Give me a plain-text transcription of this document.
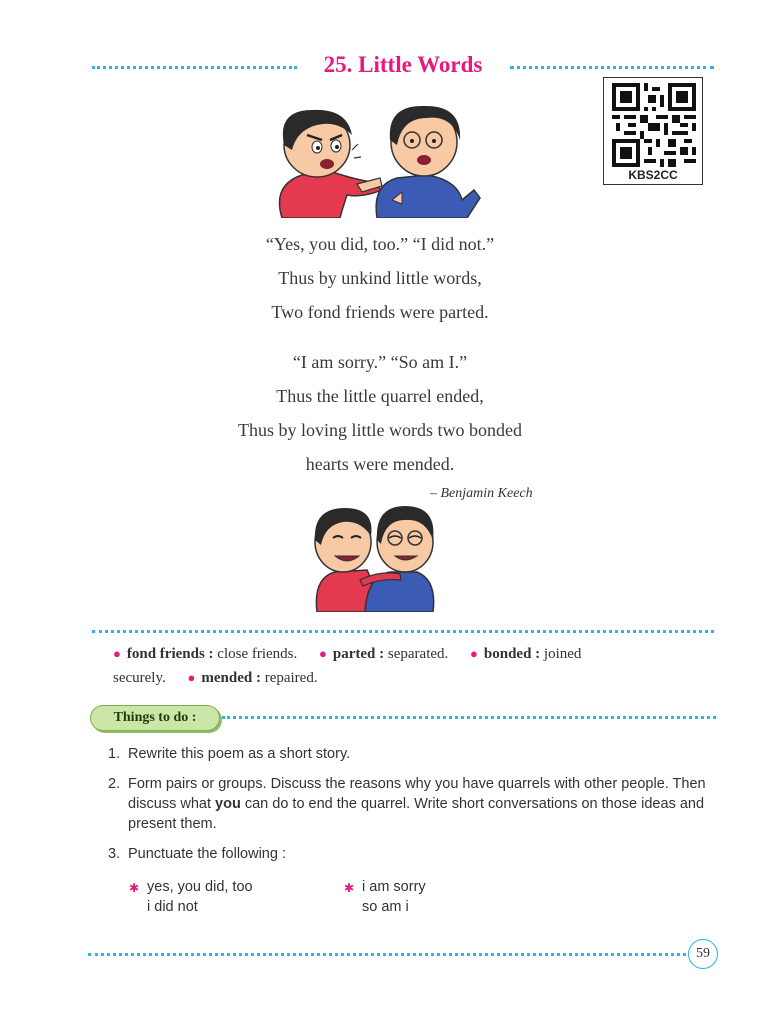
25. Little Words
KBS2CC
“Yes, you did, too.” “I did not.”
Thus by unkind little words,
Two fond friends were parted.
“I am sorry.” “So am I.”
Thus the little quarrel ended,
Thus by loving little words two bonded
hearts were mended.
– Benjamin Keech
● fond friends : close friends. ● parted : separated. ● bonded : joined
securely. ● mended : repaired.
Things to do :
1. Rewrite this poem as a short story.
2. Form pairs or groups. Discuss the reasons why you have quarrels with other people. Then discuss what you can do to end the quarrel. Write short conversations on those ideas and present them.
3. Punctuate the following :
✱ yes, you did, too
i did not
✱ i am sorry
so am i
59
